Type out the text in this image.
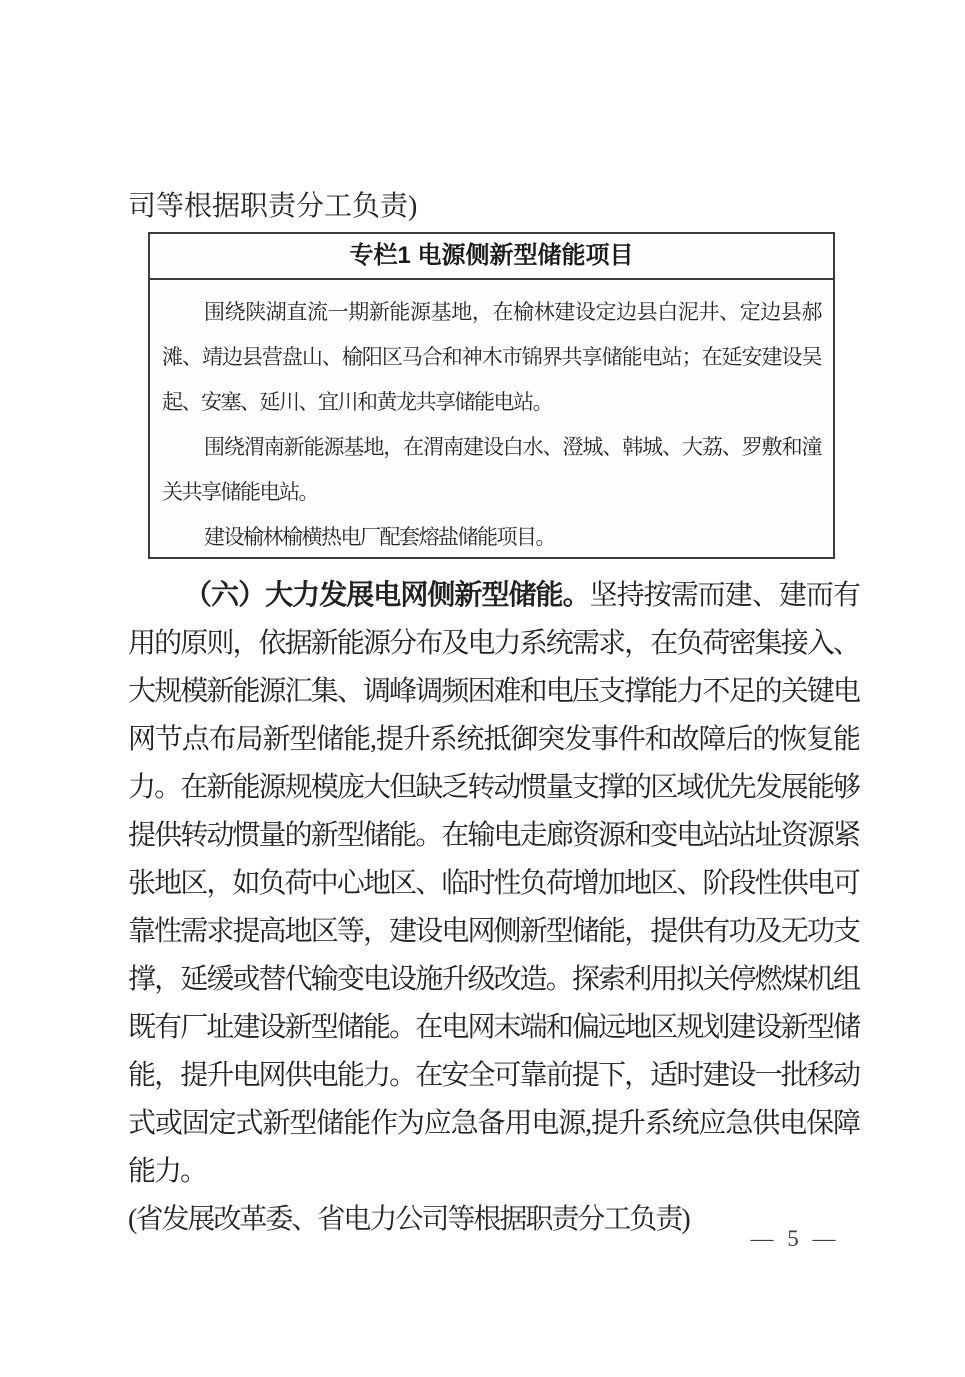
司等根据职责分工负责)
专栏1 电源侧新型储能项目

围绕陕湖直流一期新能源基地，在榆林建设定边县白泥井、定边县郝滩、靖边县营盘山、榆阳区马合和神木市锦界共享储能电站；在延安建设吴起、安塞、延川、宜川和黄龙共享储能电站。

围绕渭南新能源基地，在渭南建设白水、澄城、韩城、大荔、罗敷和潼关共享储能电站。

建设榆林榆横热电厂配套熔盐储能项目。

（六）大力发展电网侧新型储能。坚持按需而建、建而有用的原则，依据新能源分布及电力系统需求，在负荷密集接入、大规模新能源汇集、调峰调频困难和电压支撑能力不足的关键电网节点布局新型储能,提升系统抵御突发事件和故障后的恢复能力。在新能源规模庞大但缺乏转动惯量支撑的区域优先发展能够提供转动惯量的新型储能。在输电走廊资源和变电站站址资源紧张地区，如负荷中心地区、临时性负荷增加地区、阶段性供电可靠性需求提高地区等，建设电网侧新型储能，提供有功及无功支撑，延缓或替代输变电设施升级改造。探索利用拟关停燃煤机组既有厂址建设新型储能。在电网末端和偏远地区规划建设新型储能，提升电网供电能力。在安全可靠前提下，适时建设一批移动式或固定式新型储能作为应急备用电源,提升系统应急供电保障能力。
(省发展改革委、省电力公司等根据职责分工负责)
— 5 —
